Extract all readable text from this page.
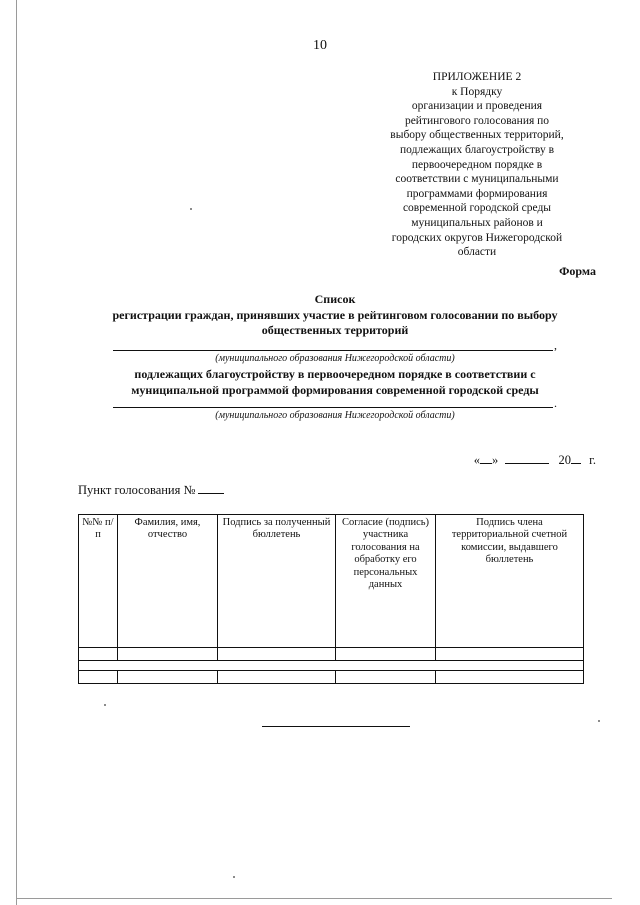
10
ПРИЛОЖЕНИЕ 2
к Порядку
организации и проведения
рейтингового голосования по
выбору общественных территорий,
подлежащих благоустройству в
первоочередном порядке в
соответствии с муниципальными
программами формирования
современной городской среды
муниципальных районов и
городских округов Нижегородской
области
Форма
Список
регистрации граждан, принявших участие в рейтинговом голосовании по выбору
общественных территорий
,
(муниципального образования Нижегородской области)
подлежащих благоустройству в первоочередном порядке в соответствии с
муниципальной программой формирования современной городской среды
.
(муниципального образования Нижегородской области)
« »	20 г.
Пункт голосования №
№№ п/п	Фамилия, имя, отчество	Подпись за полученный бюллетень	Согласие (подпись) участника голосования на обработку его персональных данных	Подпись члена территориальной счетной комиссии, выдавшего бюллетень
